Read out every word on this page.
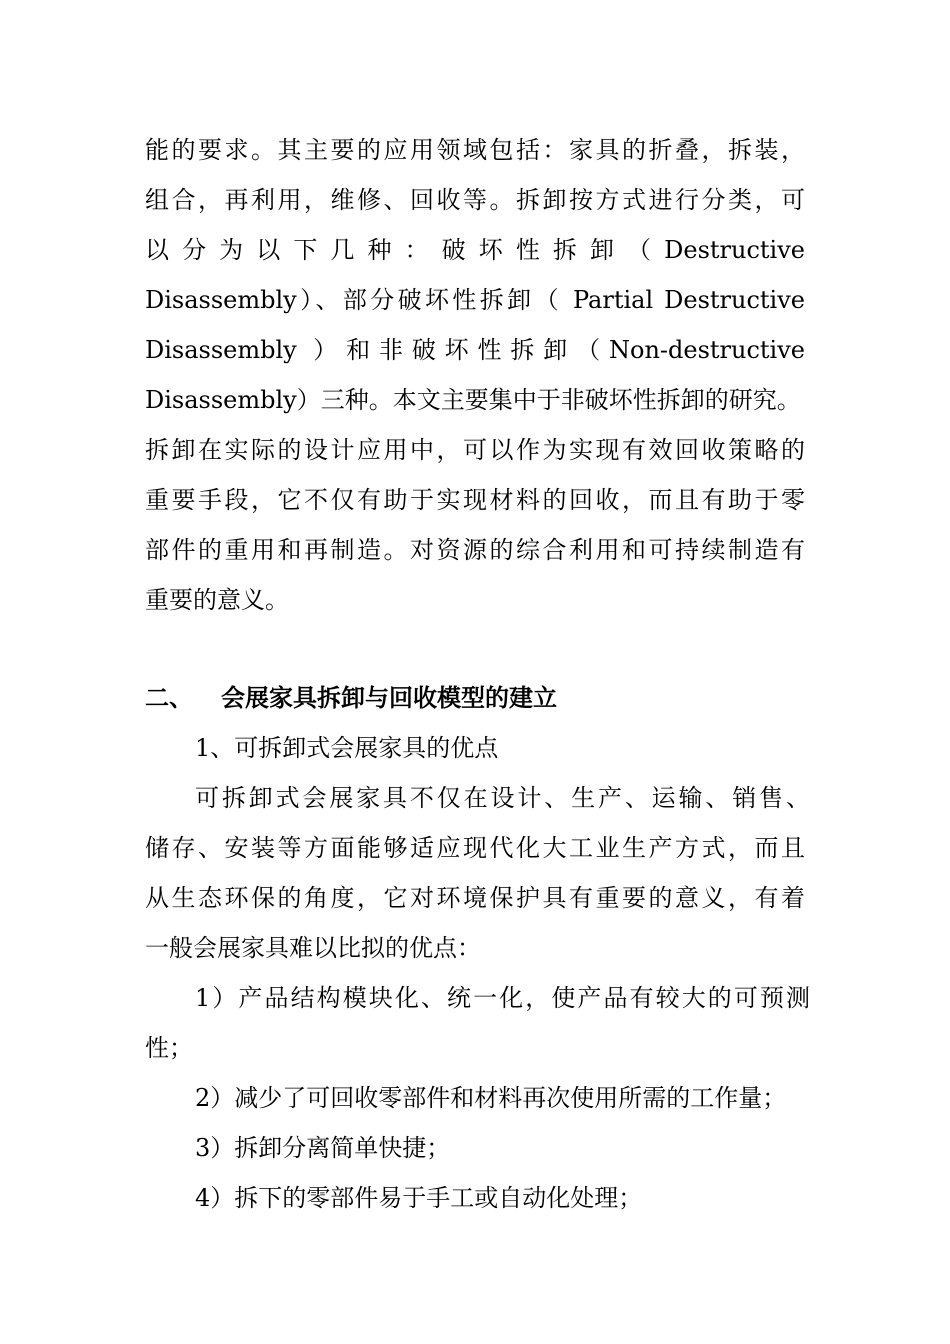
能的要求。其主要的应用领域包括：家具的折叠，拆装，
组合，再利用，维修、回收等。拆卸按方式进行分类，可
以分为以下几种：破坏性拆卸（Destructive
Disassembly）、部分破坏性拆卸（ Partial Destructive
Disassembly ）和非破坏性拆卸（Non-destructive
Disassembly）三种。本文主要集中于非破坏性拆卸的研究。
拆卸在实际的设计应用中，可以作为实现有效回收策略的
重要手段，它不仅有助于实现材料的回收，而且有助于零
部件的重用和再制造。对资源的综合利用和可持续制造有
重要的意义。
二、 会展家具拆卸与回收模型的建立
1、可拆卸式会展家具的优点
可拆卸式会展家具不仅在设计、生产、运输、销售、
储存、安装等方面能够适应现代化大工业生产方式，而且
从生态环保的角度，它对环境保护具有重要的意义，有着
一般会展家具难以比拟的优点：
1）产品结构模块化、统一化，使产品有较大的可预测
性；
2）减少了可回收零部件和材料再次使用所需的工作量；
3）拆卸分离简单快捷；
4）拆下的零部件易于手工或自动化处理；
